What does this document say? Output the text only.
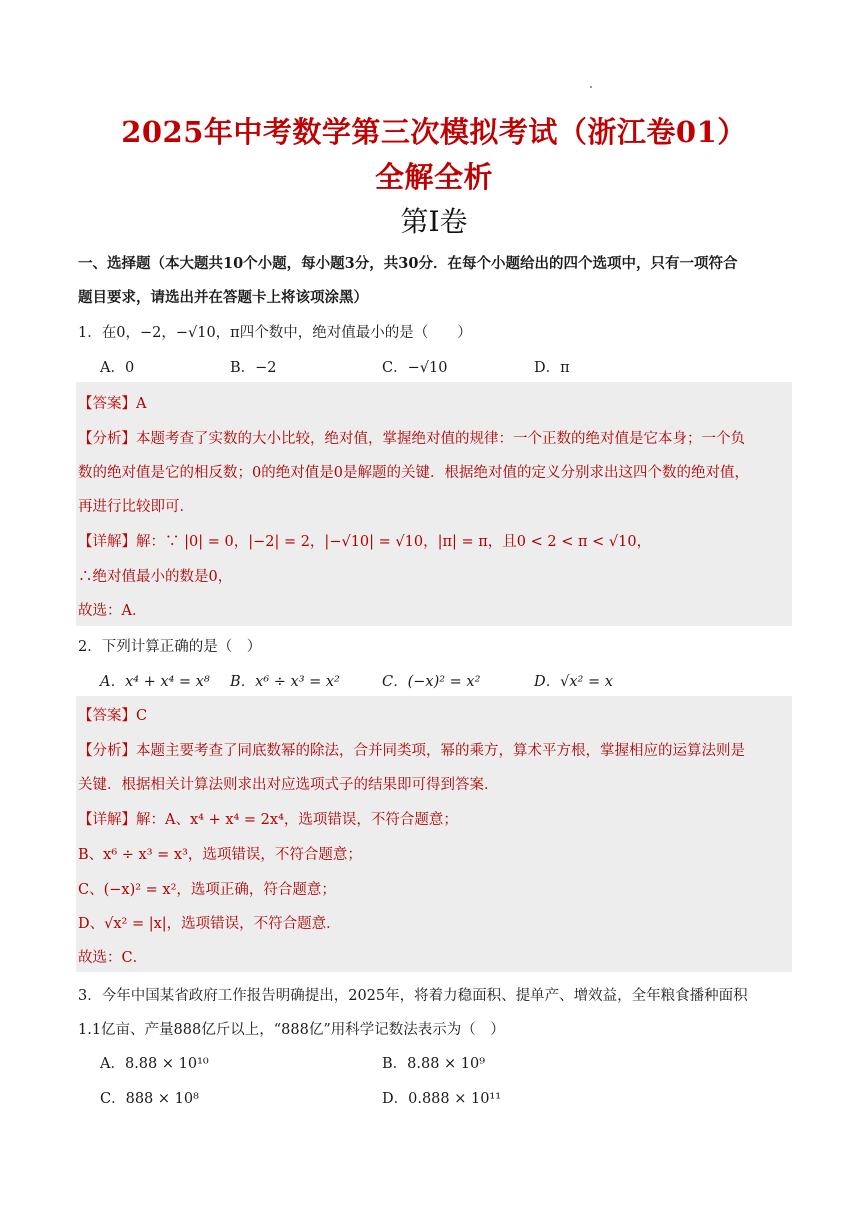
2025年中考数学第三次模拟考试（浙江卷01）
全解全析
第Ⅰ卷
一、选择题（本大题共10个小题，每小题3分，共30分．在每个小题给出的四个选项中，只有一项符合
题目要求，请选出并在答题卡上将该项涂黑）
1．在0，−2，−√10，π四个数中，绝对值最小的是（　　）
A．0	B．−2	C．−√10	D．π
【答案】A
【分析】本题考查了实数的大小比较，绝对值，掌握绝对值的规律：一个正数的绝对值是它本身；一个负
数的绝对值是它的相反数；0的绝对值是0是解题的关键．根据绝对值的定义分别求出这四个数的绝对值，
再进行比较即可．
【详解】解：∵ |0| = 0，|−2| = 2，|−√10| = √10，|π| = π，且0 < 2 < π < √10，
∴绝对值最小的数是0，
故选：A．
2．下列计算正确的是（　）
A．x⁴ + x⁴ = x⁸ B．x⁶ ÷ x³ = x²	C．(−x)² = x²	D．√x² = x
【答案】C
【分析】本题主要考查了同底数幂的除法，合并同类项，幂的乘方，算术平方根，掌握相应的运算法则是
关键．根据相关计算法则求出对应选项式子的结果即可得到答案．
【详解】解：A、x⁴ + x⁴ = 2x⁴，选项错误，不符合题意；
B、x⁶ ÷ x³ = x³，选项错误，不符合题意；
C、(−x)² = x²，选项正确，符合题意；
D、√x² = |x|，选项错误，不符合题意．
故选：C．
3．今年中国某省政府工作报告明确提出，2025年，将着力稳面积、提单产、增效益，全年粮食播种面积
1.1亿亩、产量888亿斤以上，“888亿”用科学记数法表示为（　）
A．8.88 × 10¹⁰	B．8.88 × 10⁹
C．888 × 10⁸	D．0.888 × 10¹¹
